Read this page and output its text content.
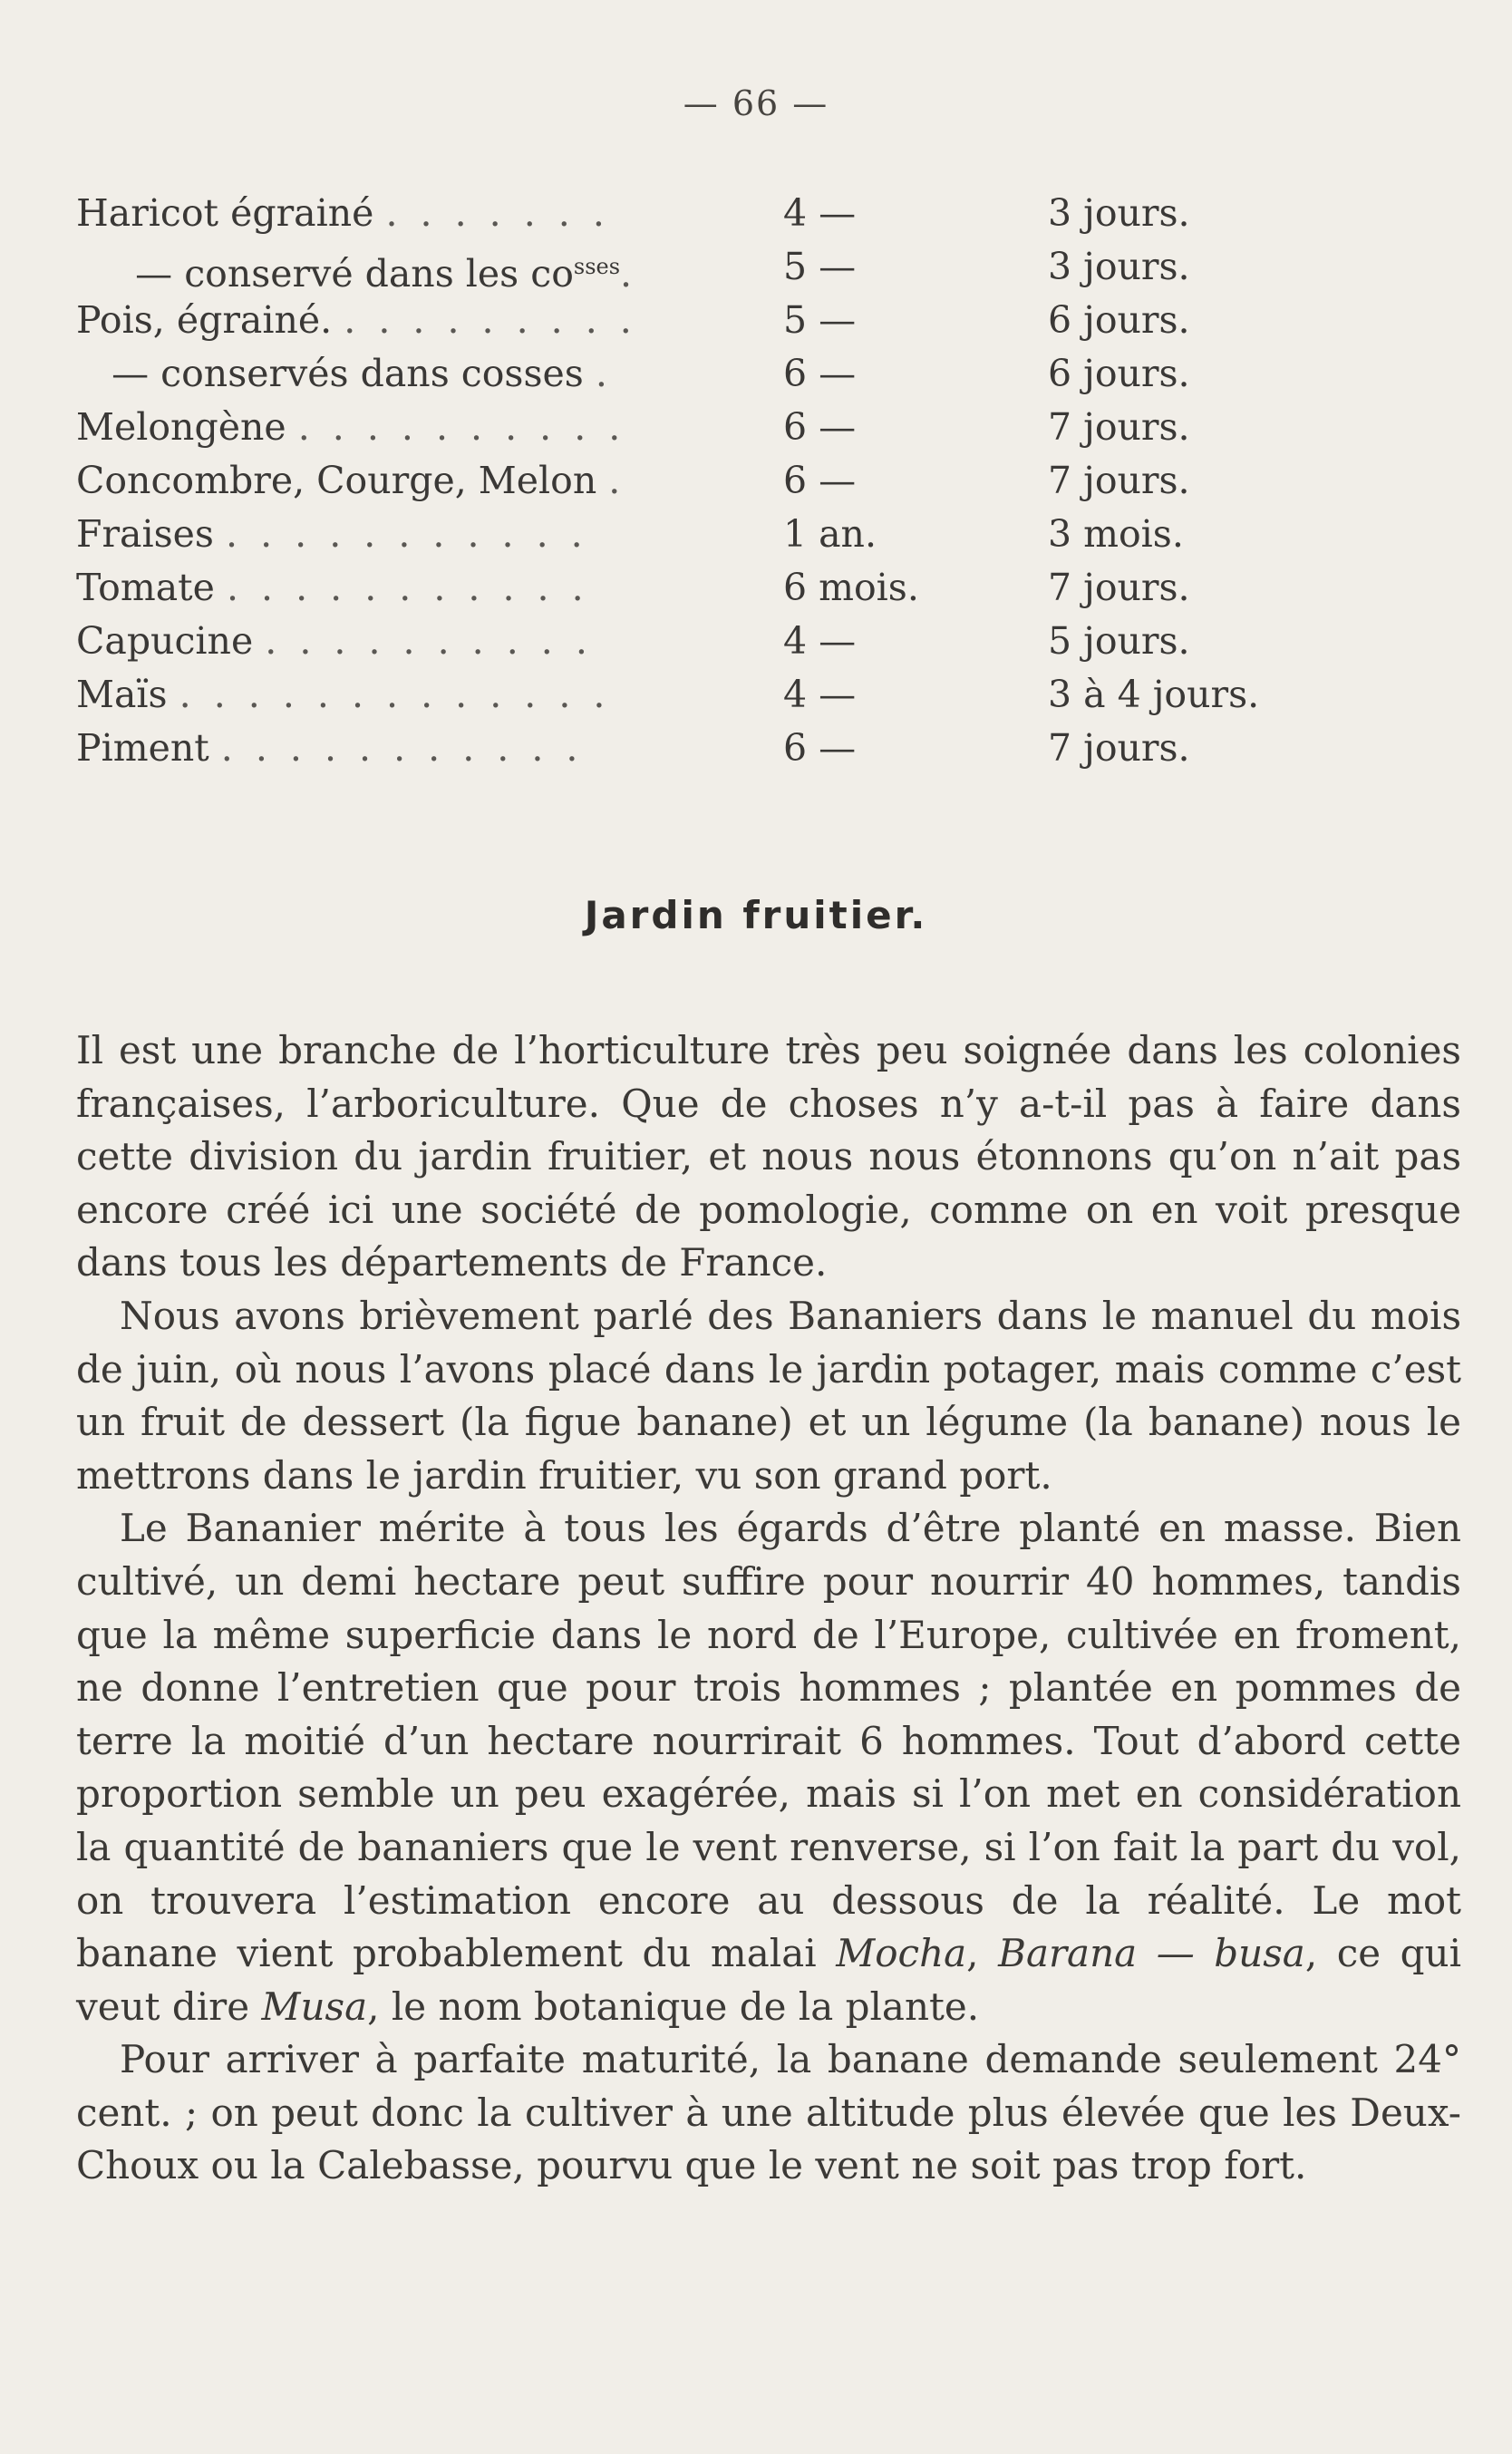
— 66 —
Haricot égrainé . . . . . . .	4 —	3 jours.
— conservé dans les $co^{sses}$.	5 —	3 jours.
Pois, égrainé. . . . . . . . . .	5 —	6 jours.
— conservés dans cosses .	6 —	6 jours.
Melongène . . . . . . . . . .	6 —	7 jours.
Concombre, Courge, Melon .	6 —	7 jours.
Fraises . . . . . . . . . . .	1 an.	3 mois.
Tomate . . . . . . . . . . .	6 mois.	7 jours.
Capucine . . . . . . . . . .	4 —	5 jours.
Maïs . . . . . . . . . . . . .	4 —	3 à 4 jours.
Piment . . . . . . . . . . .	6 —	7 jours.
Jardin fruitier.

Il est une branche de l’horticulture très peu soignée dans les colonies françaises, l’arboriculture. Que de choses n’y a-t-il pas à faire dans cette division du jardin fruitier, et nous nous étonnons qu’on n’ait pas encore créé ici une société de pomologie, comme on en voit presque dans tous les départements de France.

Nous avons brièvement parlé des Bananiers dans le manuel du mois de juin, où nous l’avons placé dans le jardin potager, mais comme c’est un fruit de dessert (la figue banane) et un légume (la banane) nous le mettrons dans le jardin fruitier, vu son grand port.

Le Bananier mérite à tous les égards d’être planté en masse. Bien cultivé, un demi hectare peut suffire pour nourrir 40 hommes, tandis que la même superficie dans le nord de l’Europe, cultivée en froment, ne donne l’entretien que pour trois hommes ; plantée en pommes de terre la moitié d’un hectare nourrirait 6 hommes. Tout d’abord cette proportion semble un peu exagérée, mais si l’on met en considération la quantité de bananiers que le vent renverse, si l’on fait la part du vol, on trouvera l’estimation encore au dessous de la réalité. Le mot banane vient probablement du malai Mocha, Barana — busa, ce qui veut dire Musa, le nom botanique de la plante.

Pour arriver à parfaite maturité, la banane demande seulement 24° cent. ; on peut donc la cultiver à une altitude plus élevée que les Deux-Choux ou la Calebasse, pourvu que le vent ne soit pas trop fort.
